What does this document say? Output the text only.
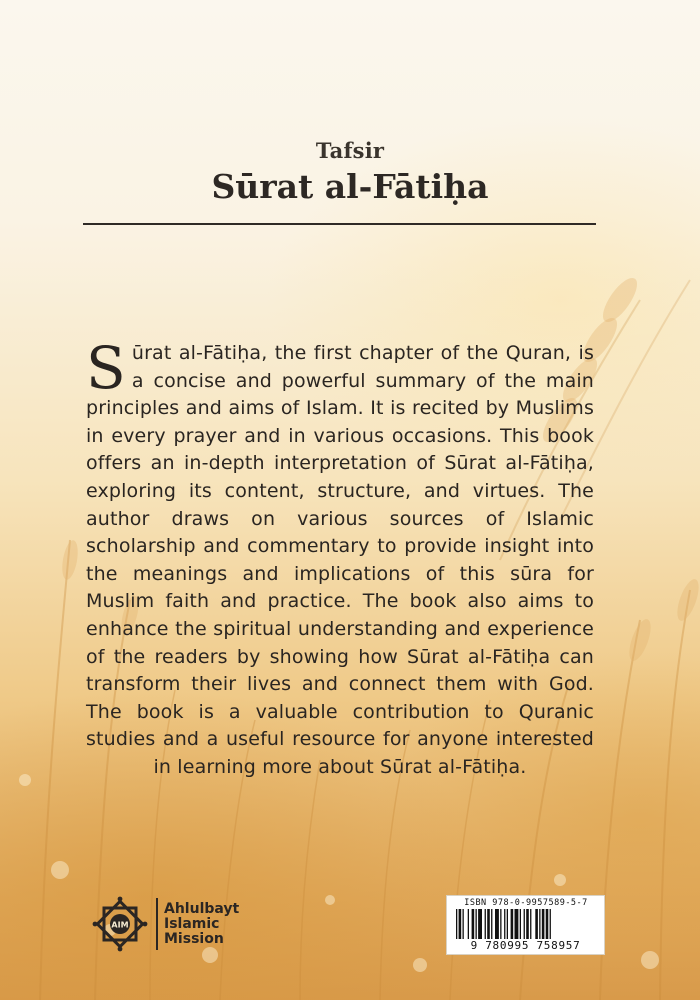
Tafsir
Sūrat al-Fātiḥa

Sūrat al-Fātiḥa, the first chapter of the Quran, is a concise and powerful summary of the main principles and aims of Islam. It is recited by Muslims in every prayer and in various occasions. This book offers an in-depth interpretation of Sūrat al-Fātiḥa, exploring its content, structure, and virtues. The author draws on various sources of Islamic scholarship and commentary to provide insight into the meanings and implications of this sūra for Muslim faith and practice. The book also aims to enhance the spiritual understanding and experience of the readers by showing how Sūrat al-Fātiḥa can transform their lives and connect them with God. The book is a valuable contribution to Quranic studies and a useful resource for anyone interested in learning more about Sūrat al-Fātiḥa.

AIM
Ahlulbayt
Islamic
Mission
ISBN 978-0-9957589-5-7
9 780995 758957
